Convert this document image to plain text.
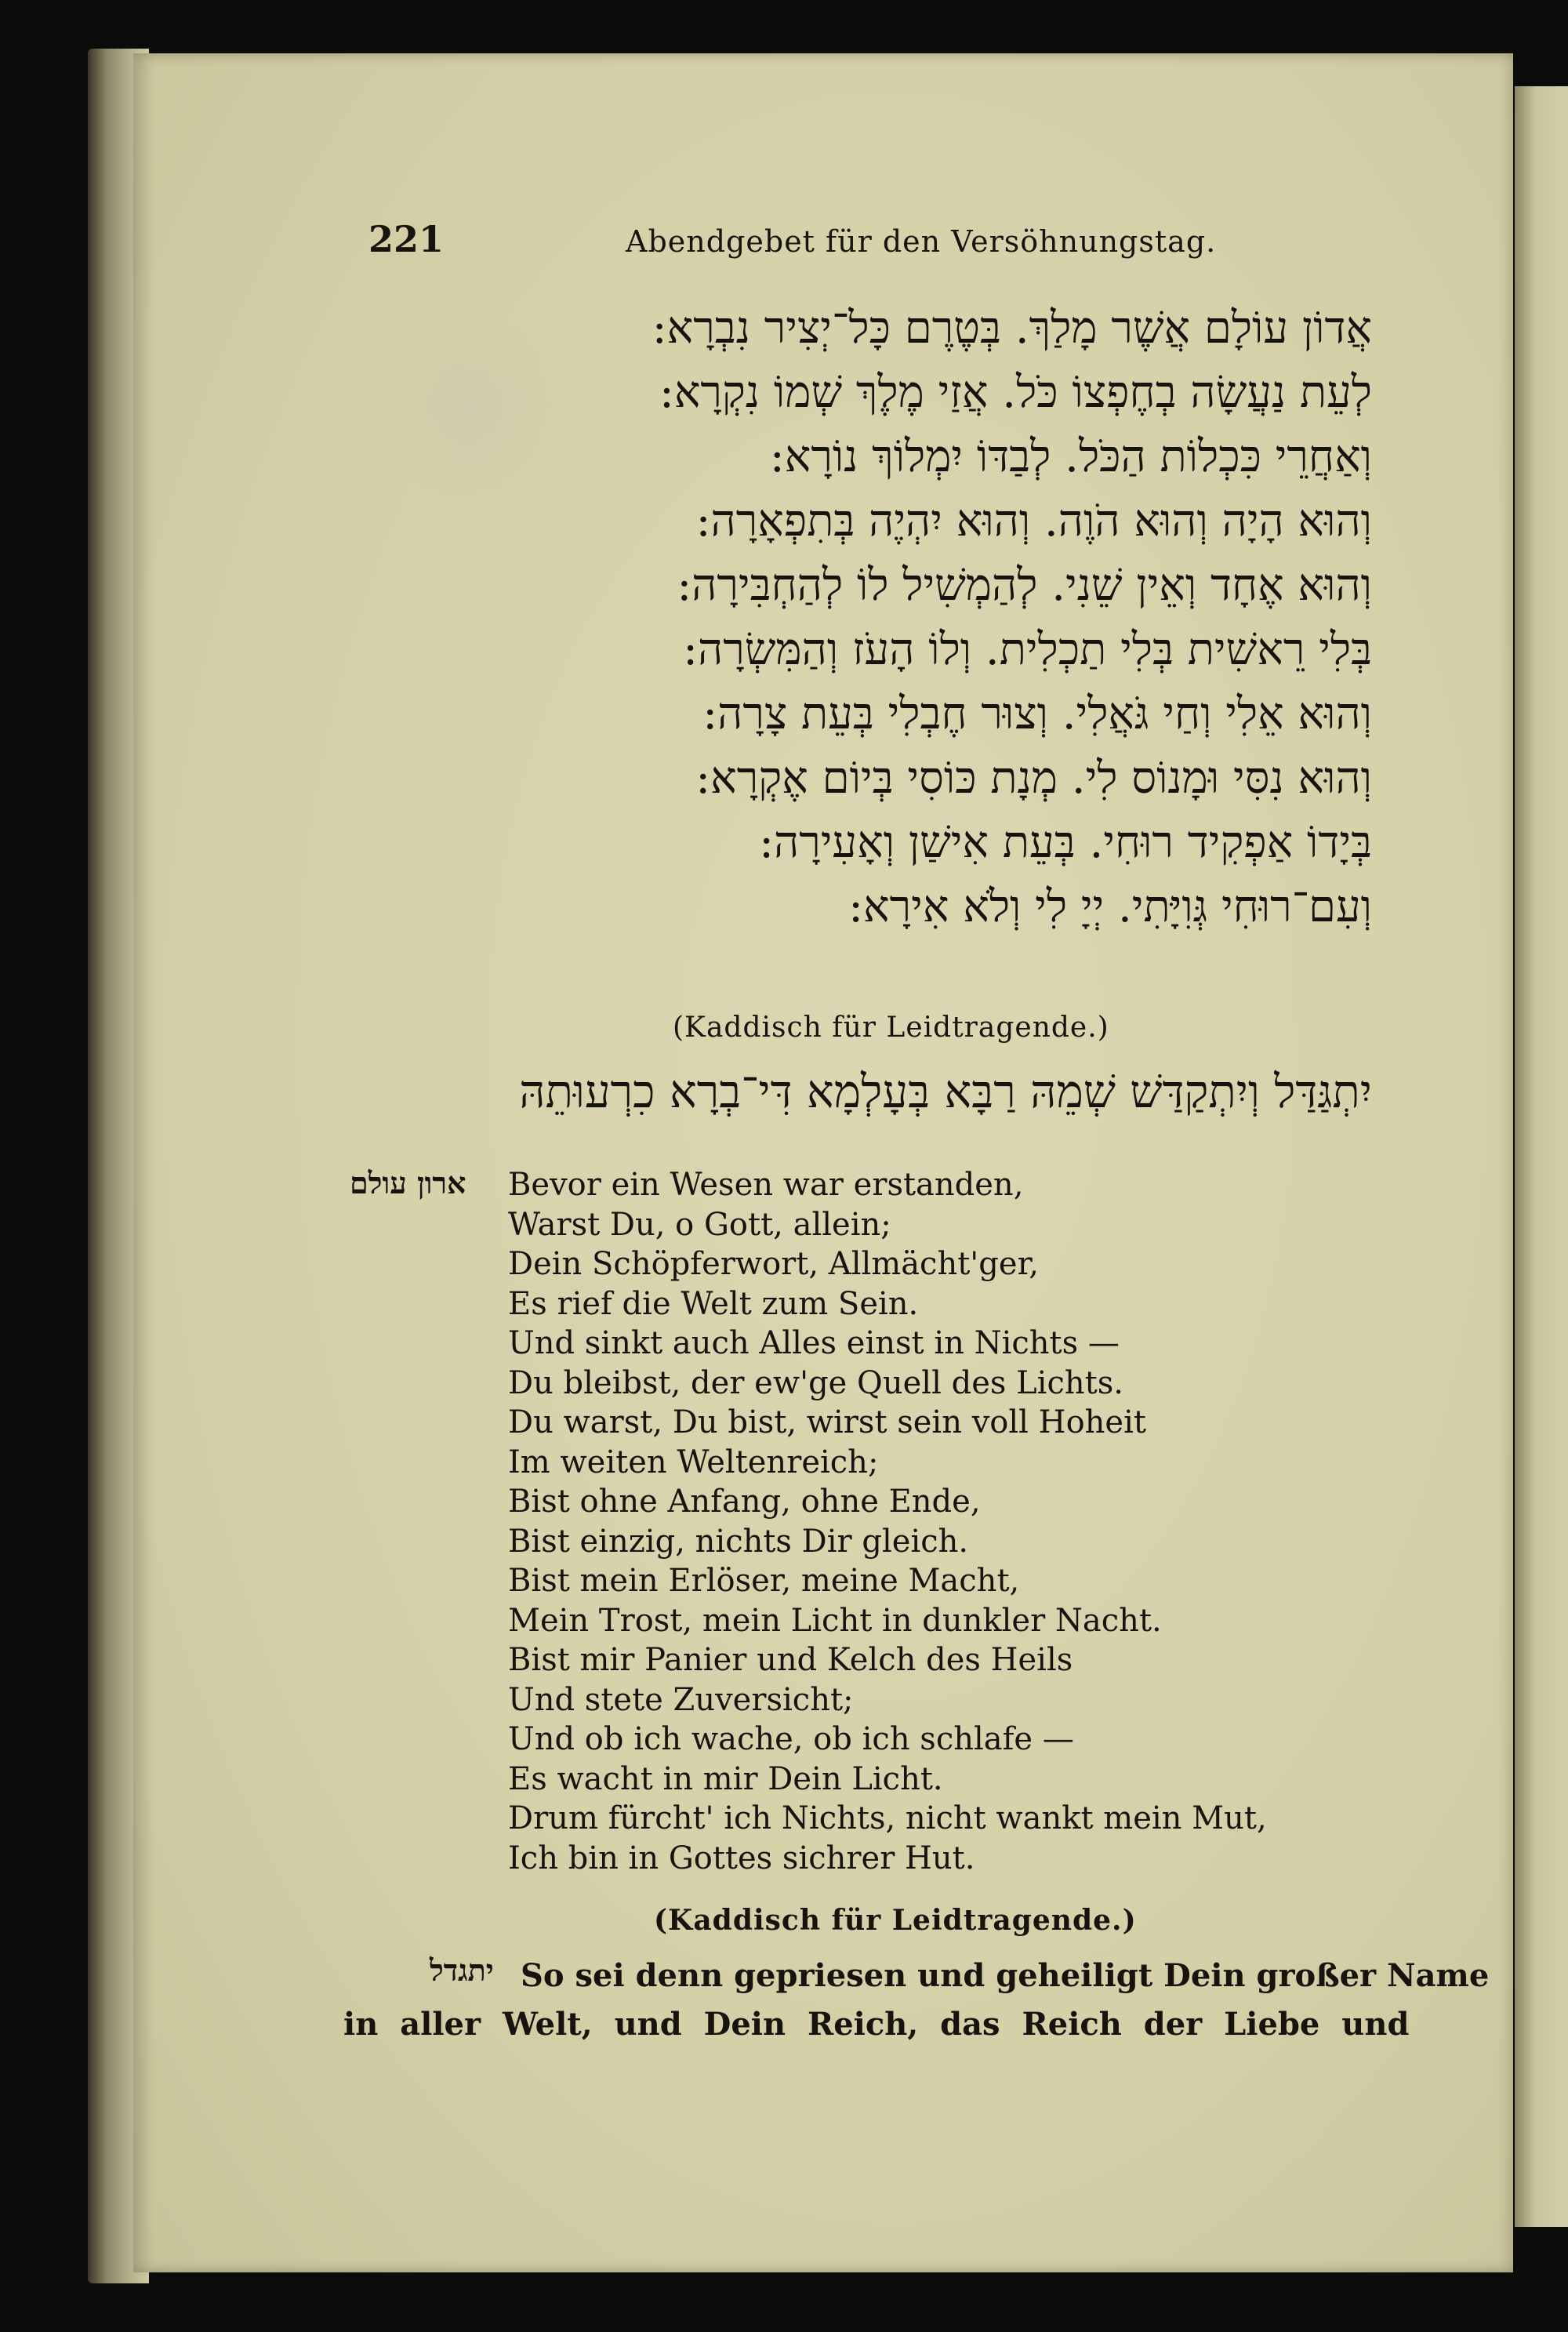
221	Abendgebet für den Versöhnungstag.
אֲדוֹן עוֹלָם אֲשֶׁר מָלַךְ. בְּטֶרֶם כָּל־יְצִיר נִבְרָא:
לְעֵת נַעֲשָׂה בְחֶפְצוֹ כֹּל. אֲזַי מֶלֶךְ שְׁמוֹ נִקְרָא:
וְאַחֲרֵי כִּכְלוֹת הַכֹּל. לְבַדּוֹ יִמְלוֹךְ נוֹרָא:
וְהוּא הָיָה וְהוּא הֹוֶה. וְהוּא יִהְיֶה בְּתִפְאָרָה:
וְהוּא אֶחָד וְאֵין שֵׁנִי. לְהַמְשִׁיל לוֹ לְהַחְבִּירָה:
בְּלִי רֵאשִׁית בְּלִי תַכְלִית. וְלוֹ הָעֹז וְהַמִּשְׂרָה:
וְהוּא אֵלִי וְחַי גֹּאֲלִי. וְצוּר חֶבְלִי בְּעֵת צָרָה:
וְהוּא נִסִּי וּמָנוֹס לִי. מְנָת כּוֹסִי בְּיוֹם אֶקְרָא:
בְּיָדוֹ אַפְקִיד רוּחִי. בְּעֵת אִישַׁן וְאָעִירָה:
וְעִם־רוּחִי גְּוִיָּתִי. יְיָ לִי וְלֹא אִירָא:
(Kaddisch für Leidtragende.)
יִתְגַּדַּל וְיִתְקַדַּשׁ שְׁמֵהּ רַבָּא בְּעָלְמָא דִּי־בְרָא כִרְעוּתֵהּ
ארון עולם Bevor ein Wesen war erstanden,
Warst Du, o Gott, allein;
Dein Schöpferwort, Allmächt'ger,
Es rief die Welt zum Sein.
Und sinkt auch Alles einst in Nichts —
Du bleibst, der ew'ge Quell des Lichts.
Du warst, Du bist, wirst sein voll Hoheit
Im weiten Weltenreich;
Bist ohne Anfang, ohne Ende,
Bist einzig, nichts Dir gleich.
Bist mein Erlöser, meine Macht,
Mein Trost, mein Licht in dunkler Nacht.
Bist mir Panier und Kelch des Heils
Und stete Zuversicht;
Und ob ich wache, ob ich schlafe —
Es wacht in mir Dein Licht.
Drum fürcht' ich Nichts, nicht wankt mein Mut,
Ich bin in Gottes sichrer Hut.
(Kaddisch für Leidtragende.)
יתגדל So sei denn gepriesen und geheiligt Dein großer Name
in aller Welt, und Dein Reich, das Reich der Liebe und
